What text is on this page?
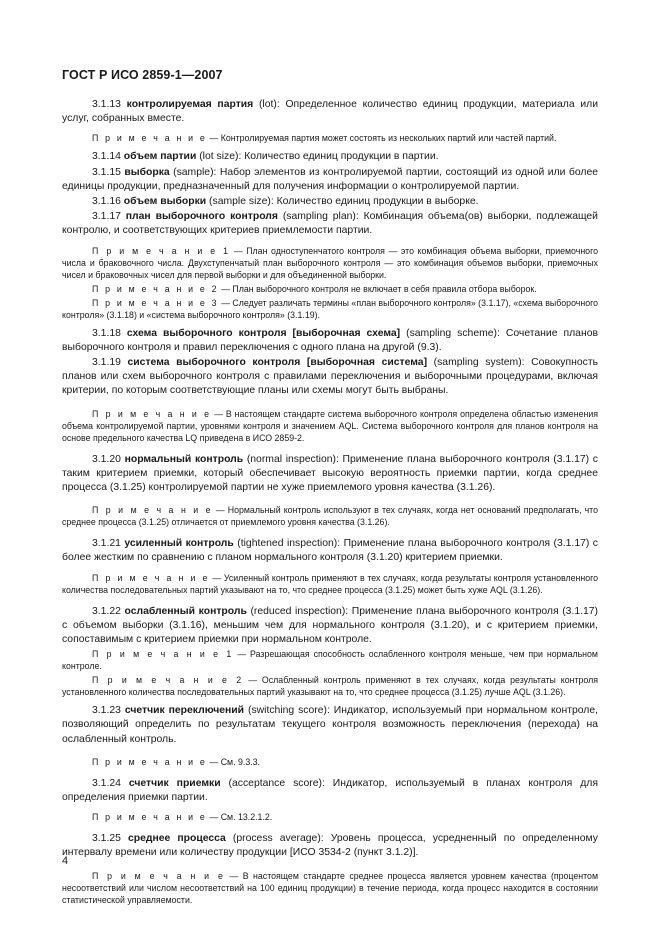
ГОСТ Р ИСО 2859-1—2007

3.1.13 контролируемая партия (lot): Определенное количество единиц продукции, материала или услуг, собранных вместе.

П р и м е ч а н и е — Контролируемая партия может состоять из нескольких партий или частей партий.

3.1.14 объем партии (lot size): Количество единиц продукции в партии.

3.1.15 выборка (sample): Набор элементов из контролируемой партии, состоящий из одной или более единицы продукции, предназначенный для получения информации о контролируемой партии.

3.1.16 объем выборки (sample size): Количество единиц продукции в выборке.

3.1.17 план выборочного контроля (sampling plan): Комбинация объема(ов) выборки, подлежащей контролю, и соответствующих критериев приемлемости партии.

П р и м е ч а н и е 1 — План одноступенчатого контроля — это комбинация объема выборки, приемочного числа и браковочного числа. Двухступенчатый план выборочного контроля — это комбинация объемов выборки, приемочных чисел и браковочных чисел для первой выборки и для объединенной выборки.

П р и м е ч а н и е 2 — План выборочного контроля не включает в себя правила отбора выборок.

П р и м е ч а н и е 3 — Следует различать термины «план выборочного контроля» (3.1.17), «схема выборочного контроля» (3.1.18) и «система выборочного контроля» (3.1.19).

3.1.18 схема выборочного контроля [выборочная схема] (sampling scheme): Сочетание планов выборочного контроля и правил переключения с одного плана на другой (9.3).

3.1.19 система выборочного контроля [выборочная система] (sampling system): Совокупность планов или схем выборочного контроля с правилами переключения и выборочными процедурами, включая критерии, по которым соответствующие планы или схемы могут быть выбраны.

П р и м е ч а н и е — В настоящем стандарте система выборочного контроля определена областью изменения объема контролируемой партии, уровнями контроля и значением AQL. Система выборочного контроля для планов контроля на основе предельного качества LQ приведена в ИСО 2859-2.

3.1.20 нормальный контроль (normal inspection): Применение плана выборочного контроля (3.1.17) с таким критерием приемки, который обеспечивает высокую вероятность приемки партии, когда среднее процесса (3.1.25) контролируемой партии не хуже приемлемого уровня качества (3.1.26).

П р и м е ч а н и е — Нормальный контроль используют в тех случаях, когда нет оснований предполагать, что среднее процесса (3.1.25) отличается от приемлемого уровня качества (3.1.26).

3.1.21 усиленный контроль (tightened inspection): Применение плана выборочного контроля (3.1.17) с более жестким по сравнению с планом нормального контроля (3.1.20) критерием приемки.

П р и м е ч а н и е — Усиленный контроль применяют в тех случаях, когда результаты контроля установленного количества последовательных партий указывают на то, что среднее процесса (3.1.25) может быть хуже AQL (3.1.26).

3.1.22 ослабленный контроль (reduced inspection): Применение плана выборочного контроля (3.1.17) с объемом выборки (3.1.16), меньшим чем для нормального контроля (3.1.20), и с критерием приемки, сопоставимым с критерием приемки при нормальном контроле.

П р и м е ч а н и е 1 — Разрешающая способность ослабленного контроля меньше, чем при нормальном контроле.

П р и м е ч а н и е 2 — Ослабленный контроль применяют в тех случаях, когда результаты контроля установленного количества последовательных партий указывают на то, что среднее процесса (3.1.25) лучше AQL (3.1.26).

3.1.23 счетчик переключений (switching score): Индикатор, используемый при нормальном контроле, позволяющий определить по результатам текущего контроля возможность переключения (перехода) на ослабленный контроль.

П р и м е ч а н и е — См. 9.3.3.

3.1.24 счетчик приемки (acceptance score): Индикатор, используемый в планах контроля для определения приемки партии.

П р и м е ч а н и е — См. 13.2.1.2.

3.1.25 среднее процесса (process average): Уровень процесса, усредненный по определенному интервалу времени или количеству продукции [ИСО 3534-2 (пункт 3.1.2)].

П р и м е ч а н и е — В настоящем стандарте среднее процесса является уровнем качества (процентом несоответствий или числом несоответствий на 100 единиц продукции) в течение периода, когда процесс находится в состоянии статистической управляемости.

4
